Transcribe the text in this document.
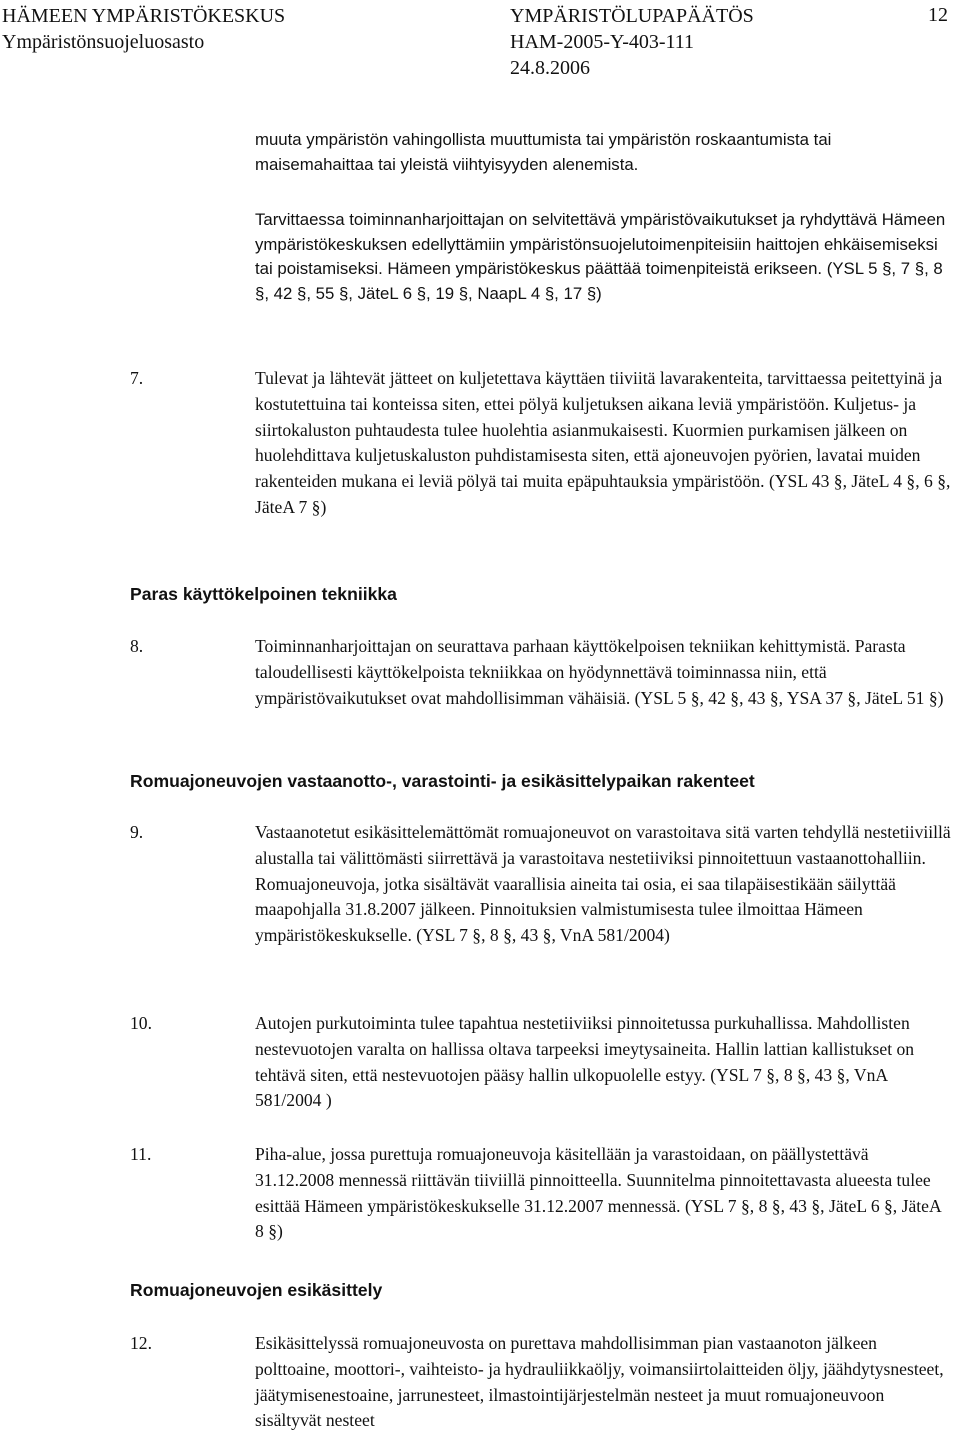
HÄMEEN YMPÄRISTÖKESKUS
Ympäristönsuojeluosasto
YMPÄRISTÖLUPAPÄÄTÖS
HAM-2005-Y-403-111
24.8.2006
12
muuta ympäristön vahingollista muuttumista tai ympäristön roskaantumista tai maisemahaittaa tai yleistä viihtyisyyden alenemista.
Tarvittaessa toiminnanharjoittajan on selvitettävä ympäristövaikutukset ja ryhdyttävä Hämeen ympäristökeskuksen edellyttämiin ympäristönsuojelutoimenpiteisiin haittojen ehkäisemiseksi tai poistamiseksi. Hämeen ympäristökeskus päättää toimenpiteistä erikseen. (YSL 5 §, 7 §, 8 §, 42 §, 55 §, JäteL 6 §, 19 §, NaapL 4 §, 17 §)
7.	Tulevat ja lähtevät jätteet on kuljetettava käyttäen tiiviitä lavarakenteita, tarvittaessa peitettyinä ja kostutettuina tai konteissa siten, ettei pölyä kuljetuksen aikana leviä ympäristöön. Kuljetus- ja siirtokaluston puhtaudesta tulee huolehtia asianmukaisesti. Kuormien purkamisen jälkeen on huolehdittava kuljetuskaluston puhdistamisesta siten, että ajoneuvojen pyörien, lavatai muiden rakenteiden mukana ei leviä pölyä tai muita epäpuhtauksia ympäristöön. (YSL 43 §, JäteL 4 §, 6 §, JäteA 7 §)
Paras käyttökelpoinen tekniikka
8.	Toiminnanharjoittajan on seurattava parhaan käyttökelpoisen tekniikan kehittymistä. Parasta taloudellisesti käyttökelpoista tekniikkaa on hyödynnettävä toiminnassa niin, että ympäristövaikutukset ovat mahdollisimman vähäisiä. (YSL 5 §, 42 §, 43 §, YSA 37 §, JäteL 51 §)
Romuajoneuvojen vastaanotto-, varastointi- ja esikäsittelypaikan rakenteet
9.	Vastaanotetut esikäsittelemättömät romuajoneuvot on varastoitava sitä varten tehdyllä nestetiiviillä alustalla tai välittömästi siirrettävä ja varastoitava nestetiiviksi pinnoitettuun vastaanottohalliin. Romuajoneuvoja, jotka sisältävät vaarallisia aineita tai osia, ei saa tilapäisestikään säilyttää maapohjalla 31.8.2007 jälkeen. Pinnoituksien valmistumisesta tulee ilmoittaa Hämeen ympäristökeskukselle. (YSL 7 §, 8 §, 43 §, VnA 581/2004)
10.	Autojen purkutoiminta tulee tapahtua nestetiiviiksi pinnoitetussa purkuhallissa. Mahdollisten nestevuotojen varalta on hallissa oltava tarpeeksi imeytysaineita. Hallin lattian kallistukset on tehtävä siten, että nestevuotojen pääsy hallin ulkopuolelle estyy. (YSL 7 §, 8 §, 43 §, VnA 581/2004 )
11.	Piha-alue, jossa purettuja romuajoneuvoja käsitellään ja varastoidaan, on päällystettävä 31.12.2008 mennessä riittävän tiiviillä pinnoitteella. Suunnitelma pinnoitettavasta alueesta tulee esittää Hämeen ympäristökeskukselle 31.12.2007 mennessä. (YSL 7 §, 8 §, 43 §, JäteL 6 §, JäteA 8 §)
Romuajoneuvojen esikäsittely
12.	Esikäsittelyssä romuajoneuvosta on purettava mahdollisimman pian vastaanoton jälkeen polttoaine, moottori-, vaihteisto- ja hydrauliikkaöljy, voimansiirtolaitteiden öljy, jäähdytysnesteet, jäätymisenestoaine, jarrunesteet, ilmastointijärjestelmän nesteet ja muut romuajoneuvoon sisältyvät nesteet
